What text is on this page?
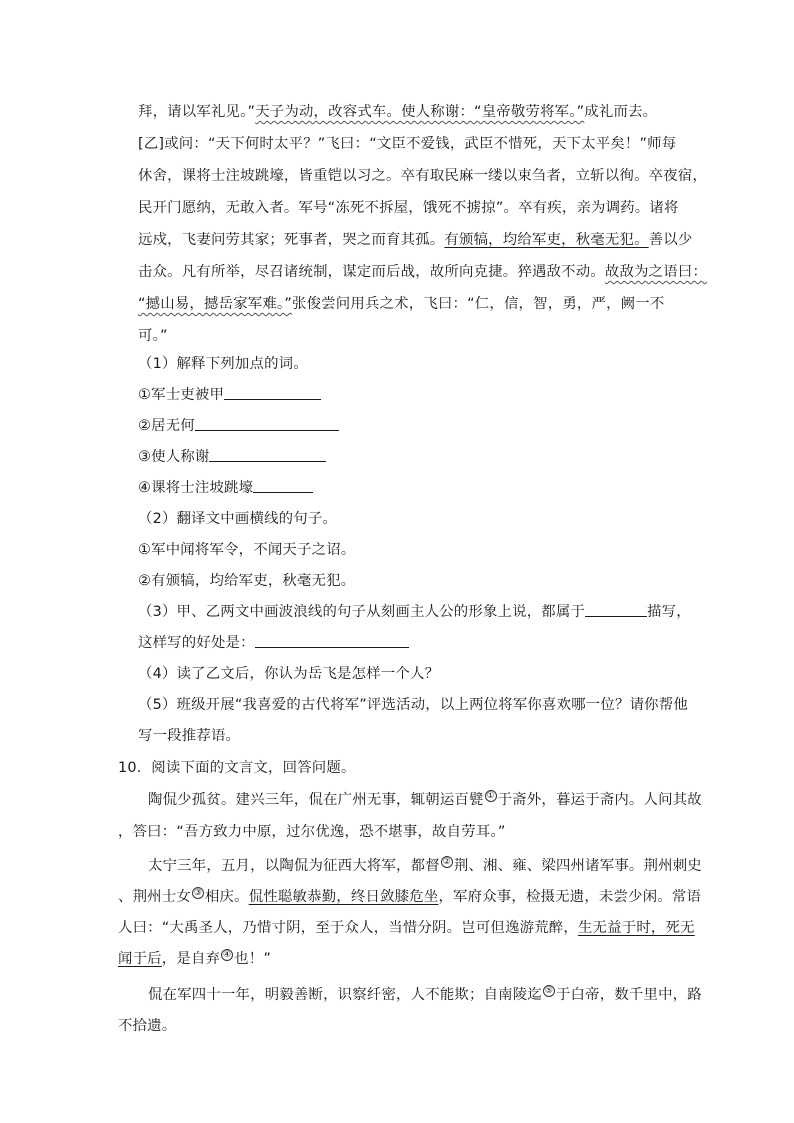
拜，请以军礼见。”天子为动，改容式车。使人称谢：“皇帝敬劳将军。”成礼而去。
[乙]或问：“天下何时太平？”飞曰：“文臣不爱钱，武臣不惜死，天下太平矣！”师每
休舍，课将士注坡跳壕，皆重铠以习之。卒有取民麻一缕以束刍者，立斩以徇。卒夜宿，
民开门愿纳，无敢入者。军号“冻死不拆屋，饿死不掳掠”。卒有疾，亲为调药。诸将
远戍，飞妻问劳其家；死事者，哭之而育其孤。有颁犒，均给军吏，秋毫无犯。善以少
击众。凡有所举，尽召诸统制，谋定而后战，故所向克捷。猝遇敌不动。故敌为之语曰：
“撼山易，撼岳家军难。”张俊尝问用兵之术，飞曰：“仁，信，智，勇，严，阙一不
可。”
（1）解释下列加点的词。
①军士吏被甲
②居无何
③使人称谢
④课将士注坡跳壕
（2）翻译文中画横线的句子。
①军中闻将军令，不闻天子之诏。
②有颁犒，均给军吏，秋毫无犯。
（3）甲、乙两文中画波浪线的句子从刻画主人公的形象上说，都属于	描写，
这样写的好处是：
（4）读了乙文后，你认为岳飞是怎样一个人？
（5）班级开展“我喜爱的古代将军”评选活动，以上两位将军你喜欢哪一位？请你帮他
写一段推荐语。
10．阅读下面的文言文，回答问题。
陶侃少孤贫。建兴三年，侃在广州无事，辄朝运百甓 ① 于斋外，暮运于斋内。人问其故
，答曰：“吾方致力中原，过尔优逸，恐不堪事，故自劳耳。”
太宁三年，五月，以陶侃为征西大将军，都督 ② 荆、湘、雍、梁四州诸军事。荆州刺史
、荆州士女 ③ 相庆。侃性聪敏恭勤，终日敛膝危坐，军府众事，检摄无遗，未尝少闲。常语
人曰：“大禹圣人，乃惜寸阴，至于众人，当惜分阴。岂可但逸游荒醉，生无益于时，死无
闻于后，是自弃 ④ 也！”
侃在军四十一年，明毅善断，识察纤密，人不能欺；自南陵迄 ⑤ 于白帝，数千里中，路
不拾遗。
